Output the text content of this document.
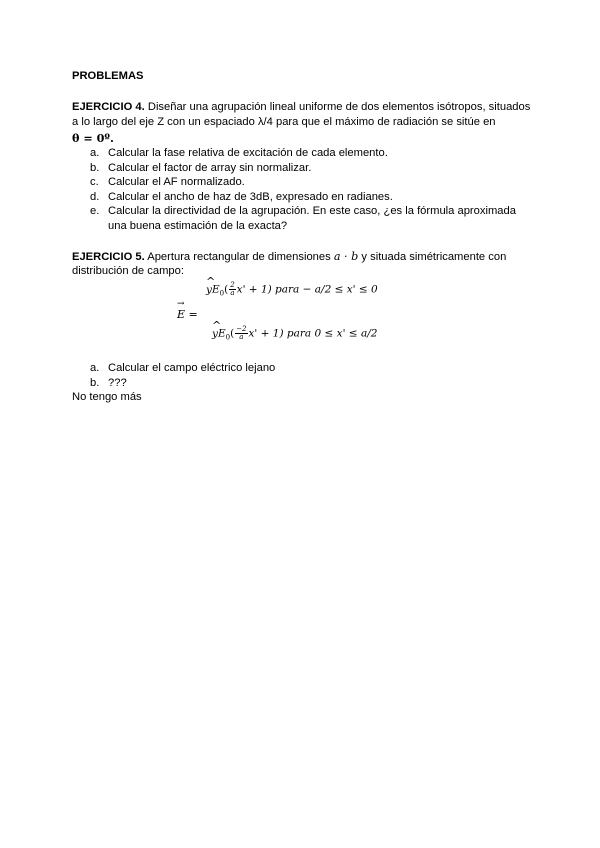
PROBLEMAS
EJERCICIO 4. Diseñar una agrupación lineal uniforme de dos elementos isótropos, situados
a lo largo del eje Z con un espaciado λ/4 para que el máximo de radiación se sitúe en
θ = 0º.
a. Calcular la fase relativa de excitación de cada elemento.
b. Calcular el factor de array sin normalizar.
c. Calcular el AF normalizado.
d. Calcular el ancho de haz de 3dB, expresado en radianes.
e. Calcular la directividad de la agrupación. En este caso, ¿es la fórmula aproximada
una buena estimación de la exacta?
EJERCICIO 5. Apertura rectangular de dimensiones a · b y situada simétricamente con
distribución de campo:
^ $yE_0( \frac{2}{a} x' + 1)$ para − a/2 ≤ x' ≤ 0
→
E =
^ $yE_0( \frac{-2}{a} x' + 1)$ para 0 ≤ x' ≤ a/2
a. Calcular el campo eléctrico lejano
b. ???
No tengo más
